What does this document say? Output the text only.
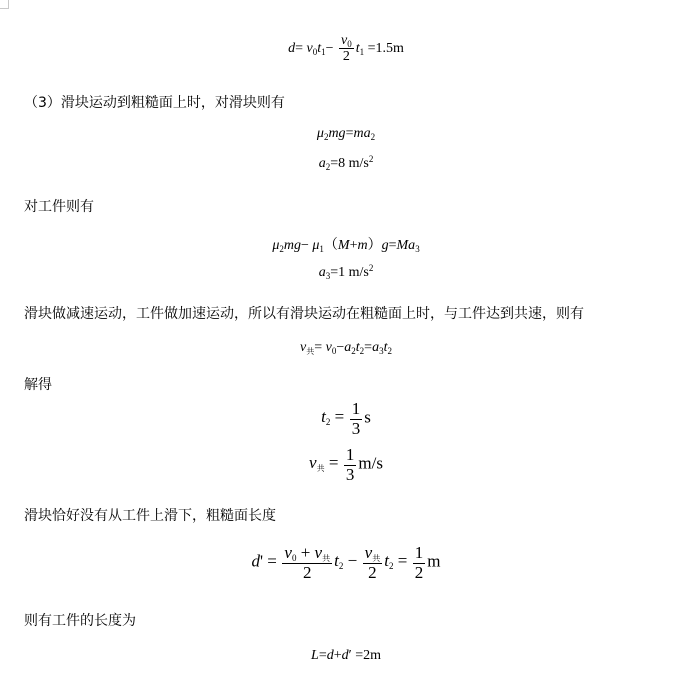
$d= v_0t_1- \frac{v_0}{2} t_1 =1.5m$
（3）滑块运动到粗糙面上时，对滑块则有
$\mu_2mg=ma_2$
$a_2=8$ $m/s^2$
对工件则有
$\mu_2mg- \mu_1(M+m)g=Ma_3$
$a_3=1$ $m/s^2$
滑块做减速运动，工件做加速运动，所以有滑块运动在粗糙面上时，与工件达到共速，则有
$v_共= v_0-a_2t_2=a_3t_2$
解得
$t_2 = \frac{1}{3}$ s
$v_共 = \frac{1}{3} m/s$
滑块恰好没有从工件上滑下，粗糙面长度
$d' = \frac{v_0 + v_共}{2} t_2 - \frac{v_共}{2} t_2 = \frac{1}{2}$ m
则有工件的长度为
L=d+d′ =2m
